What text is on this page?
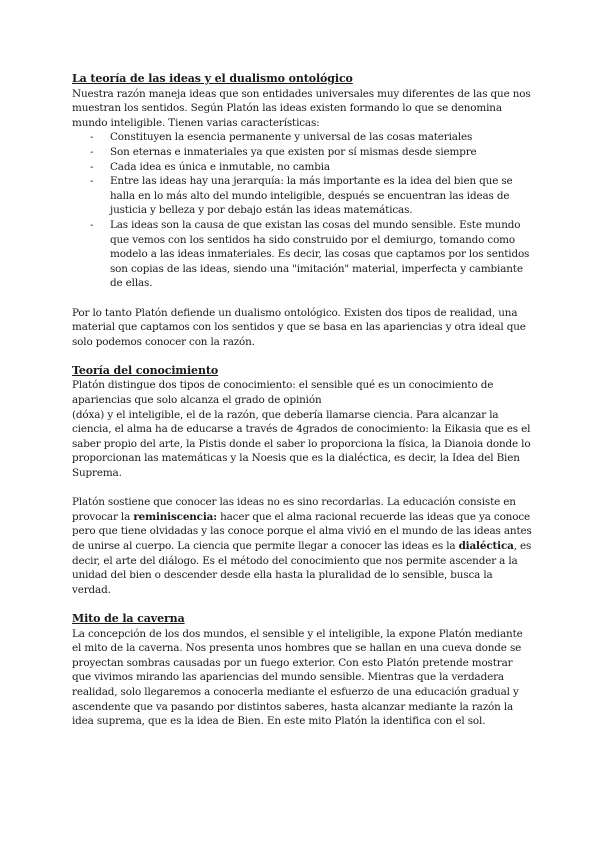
La teoría de las ideas y el dualismo ontológico

Nuestra razón maneja ideas que son entidades universales muy diferentes de las que nos muestran los sentidos. Según Platón las ideas existen formando lo que se denomina mundo inteligible. Tienen varias características:

- Constituyen la esencia permanente y universal de las cosas materiales
- Son eternas e inmateriales ya que existen por sí mismas desde siempre
- Cada idea es única e inmutable, no cambia
- Entre las ideas hay una jerarquía: la más importante es la idea del bien que se halla en lo más alto del mundo inteligible, después se encuentran las ideas de justicia y belleza y por debajo están las ideas matemáticas.
- Las ideas son la causa de que existan las cosas del mundo sensible. Este mundo que vemos con los sentidos ha sido construido por el demiurgo, tomando como modelo a las ideas inmateriales. Es decir, las cosas que captamos por los sentidos son copias de las ideas, siendo una "imitación" material, imperfecta y cambiante de ellas.

Por lo tanto Platón defiende un dualismo ontológico. Existen dos tipos de realidad, una material que captamos con los sentidos y que se basa en las apariencias y otra ideal que solo podemos conocer con la razón.

Teoría del conocimiento

Platón distingue dos tipos de conocimiento: el sensible qué es un conocimiento de apariencias que solo alcanza el grado de opinión
(dóxa) y el inteligible, el de la razón, que debería llamarse ciencia. Para alcanzar la ciencia, el alma ha de educarse a través de 4grados de conocimiento: la Eikasia que es el saber propio del arte, la Pistis donde el saber lo proporciona la física, la Dianoia donde lo proporcionan las matemáticas y la Noesis que es la dialéctica, es decir, la Idea del Bien Suprema.

Platón sostiene que conocer las ideas no es sino recordarlas. La educación consiste en provocar la reminiscencia: hacer que el alma racional recuerde las ideas que ya conoce pero que tiene olvidadas y las conoce porque el alma vivió en el mundo de las ideas antes de unirse al cuerpo. La ciencia que permite llegar a conocer las ideas es la dialéctica, es decir, el arte del diálogo. Es el método del conocimiento que nos permite ascender a la unidad del bien o descender desde ella hasta la pluralidad de lo sensible, busca la verdad.

Mito de la caverna

La concepción de los dos mundos, el sensible y el inteligible, la expone Platón mediante el mito de la caverna. Nos presenta unos hombres que se hallan en una cueva donde se proyectan sombras causadas por un fuego exterior. Con esto Platón pretende mostrar que vivimos mirando las apariencias del mundo sensible. Mientras que la verdadera realidad, solo llegaremos a conocerla mediante el esfuerzo de una educación gradual y ascendente que va pasando por distintos saberes, hasta alcanzar mediante la razón la idea suprema, que es la idea de Bien. En este mito Platón la identifica con el sol.
